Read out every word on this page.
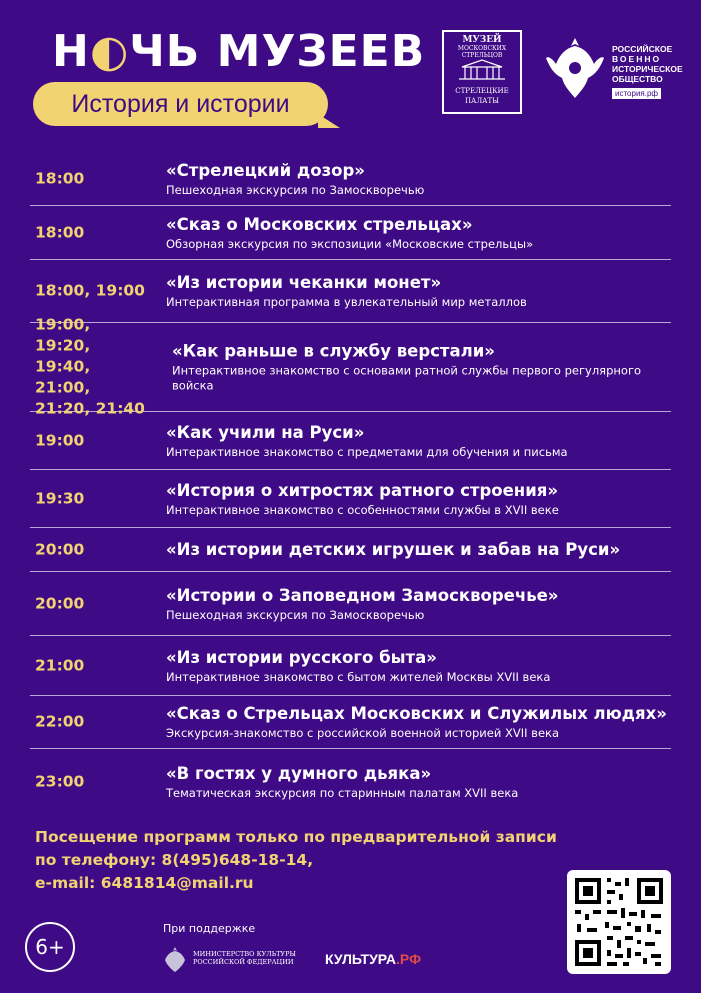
Н◐ЧЬ МУЗЕЕВ
История и истории
МУЗЕЙ
МОСКОВСКИХ
СТРЕЛЬЦОВ
СТРЕЛЕЦКИЕ
ПАЛАТЫ
РОССИЙСКОЕ
ВОЕННО
ИСТОРИЧЕСКОЕ
ОБЩЕСТВО
история.рф
18:00	«Стрелецкий дозор»
Пешеходная экскурсия по Замоскворечью
18:00	«Сказ о Московских стрельцах»
Обзорная экскурсия по экспозиции «Московские стрельцы»
18:00, 19:00 «Из истории чеканки монет»
Интерактивная программа в увлекательный мир металлов
19:00, 19:20, 19:40, 21:00, 21:20, 21:40
«Как раньше в службу верстали»
Интерактивное знакомство с основами ратной службы первого регулярного войска
19:00	«Как учили на Руси»
Интерактивное знакомство с предметами для обучения и письма
19:30	«История о хитростях ратного строения»
Интерактивное знакомство с особенностями службы в XVII веке
20:00	«Из истории детских игрушек и забав на Руси»
20:00	«Истории о Заповедном Замоскворечье»
Пешеходная экскурсия по Замоскворечью
21:00	«Из истории русского быта»
Интерактивное знакомство с бытом жителей Москвы XVII века
22:00	«Сказ о Стрельцах Московских и Служилых людях»
Экскурсия-знакомство с российской военной историей XVII века
23:00	«В гостях у думного дьяка»
Тематическая экскурсия по старинным палатам XVII века
Посещение программ только по предварительной записи
по телефону: 8(495)648-18-14,
e-mail: 6481814@mail.ru
6+
При поддержке
МИНИСТЕРСТВО КУЛЬТУРЫ
РОССИЙСКОЙ ФЕДЕРАЦИИ КУЛЬТУРА.РФ
